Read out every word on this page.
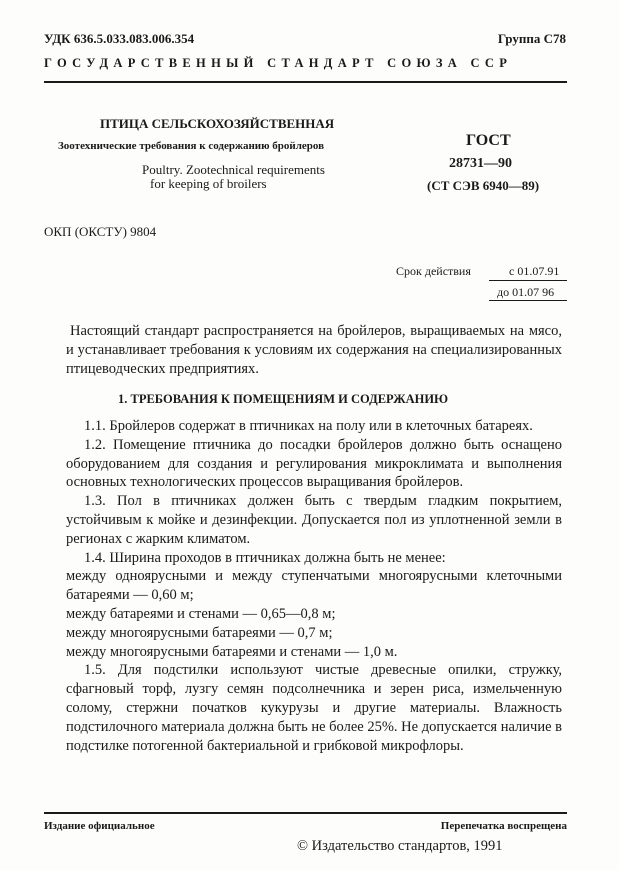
УДК 636.5.033.083.006.354	Группа С78
ГОСУДАРСТВЕННЫЙ СТАНДАРТ СОЮЗА ССР
ПТИЦА СЕЛЬСКОХОЗЯЙСТВЕННАЯ
Зоотехнические требования к содержанию бройлеров
Poultry. Zootechnical requirements
for keeping of broilers
ГОСТ
28731—90
(СТ СЭВ 6940—89)
ОКП (ОКСТУ) 9804
Срок действия	с 01.07.91
до 01.07 96

Настоящий стандарт распространяется на бройлеров, выращиваемых на мясо, и устанавливает требования к условиям их содержания на специализированных птицеводческих предприятиях.

1. ТРЕБОВАНИЯ К ПОМЕЩЕНИЯМ И СОДЕРЖАНИЮ

1.1. Бройлеров содержат в птичниках на полу или в клеточных батареях.

1.2. Помещение птичника до посадки бройлеров должно быть оснащено оборудованием для создания и регулирования микроклимата и выполнения основных технологических процессов выращивания бройлеров.

1.3. Пол в птичниках должен быть с твердым гладким покрытием, устойчивым к мойке и дезинфекции. Допускается пол из уплотненной земли в регионах с жарким климатом.

1.4. Ширина проходов в птичниках должна быть не менее:

между одноярусными и между ступенчатыми многоярусными клеточными батареями — 0,60 м;

между батареями и стенами — 0,65—0,8 м;

между многоярусными батареями — 0,7 м;

между многоярусными батареями и стенами — 1,0 м.

1.5. Для подстилки используют чистые древесные опилки, стружку, сфагновый торф, лузгу семян подсолнечника и зерен риса, измельченную солому, стержни початков кукурузы и другие материалы. Влажность подстилочного материала должна быть не более 25%. Не допускается наличие в подстилке потогенной бактериальной и грибковой микрофлоры.

Издание официальное	Перепечатка воспрещена
© Издательство стандартов, 1991
